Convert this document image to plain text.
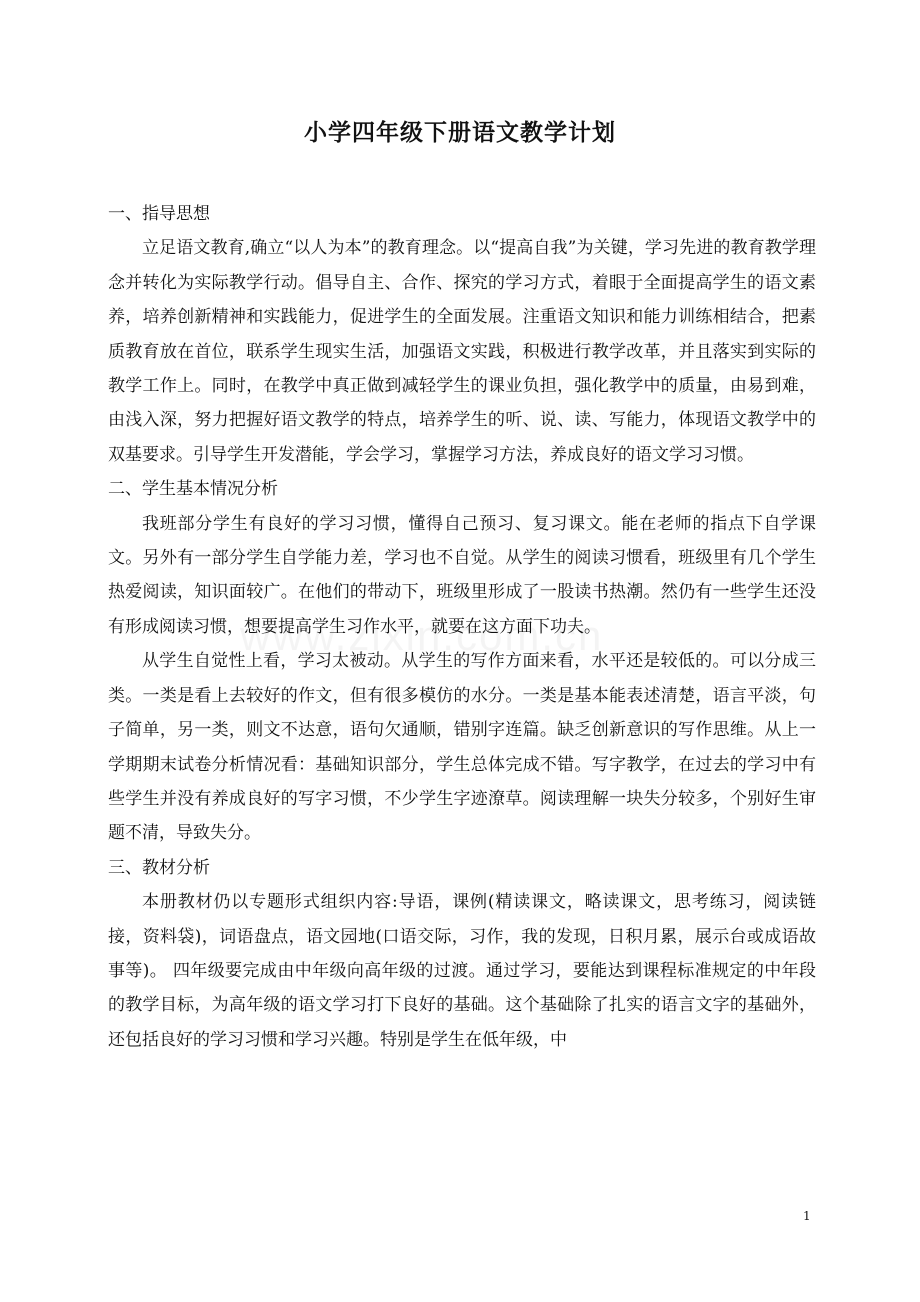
小学四年级下册语文教学计划
一、指导思想

立足语文教育,确立“以人为本”的教育理念。以“提高自我”为关键，学习先进的教育教学理念并转化为实际教学行动。倡导自主、合作、探究的学习方式，着眼于全面提高学生的语文素养，培养创新精神和实践能力，促进学生的全面发展。注重语文知识和能力训练相结合，把素质教育放在首位，联系学生现实生活，加强语文实践，积极进行教学改革，并且落实到实际的教学工作上。同时，在教学中真正做到减轻学生的课业负担，强化教学中的质量，由易到难，由浅入深，努力把握好语文教学的特点，培养学生的听、说、读、写能力，体现语文教学中的双基要求。引导学生开发潜能，学会学习，掌握学习方法，养成良好的语文学习习惯。

二、学生基本情况分析

我班部分学生有良好的学习习惯，懂得自己预习、复习课文。能在老师的指点下自学课文。另外有一部分学生自学能力差，学习也不自觉。从学生的阅读习惯看，班级里有几个学生热爱阅读，知识面较广。在他们的带动下，班级里形成了一股读书热潮。然仍有一些学生还没有形成阅读习惯，想要提高学生习作水平，就要在这方面下功夫。

从学生自觉性上看，学习太被动。从学生的写作方面来看，水平还是较低的。可以分成三类。一类是看上去较好的作文，但有很多模仿的水分。一类是基本能表述清楚，语言平淡，句子简单，另一类，则文不达意，语句欠通顺，错别字连篇。缺乏创新意识的写作思维。从上一学期期末试卷分析情况看：基础知识部分，学生总体完成不错。写字教学，在过去的学习中有些学生并没有养成良好的写字习惯，不少学生字迹潦草。阅读理解一块失分较多，个别好生审题不清，导致失分。

三、教材分析

本册教材仍以专题形式组织内容:导语，课例(精读课文，略读课文，思考练习，阅读链接，资料袋)，词语盘点，语文园地(口语交际，习作，我的发现，日积月累，展示台或成语故事等)。 四年级要完成由中年级向高年级的过渡。通过学习，要能达到课程标准规定的中年段的教学目标，为高年级的语文学习打下良好的基础。这个基础除了扎实的语言文字的基础外，还包括良好的学习习惯和学习兴趣。特别是学生在低年级，中

1
